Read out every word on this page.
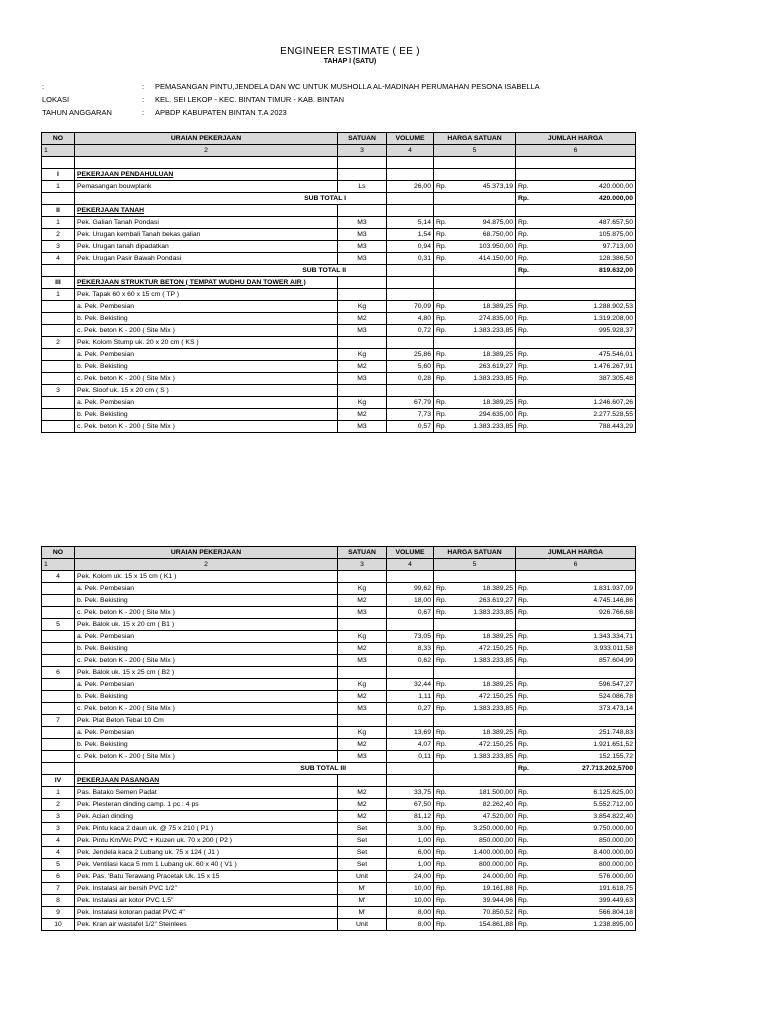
ENGINEER ESTIMATE ( EE )
TAHAP I (SATU)
:	: PEMASANGAN PINTU,JENDELA DAN WC UNTUK MUSHOLLA AL-MADINAH PERUMAHAN PESONA ISABELLA
LOKASI	: KEL. SEI LEKOP - KEC. BINTAN TIMUR - KAB. BINTAN
TAHUN ANGGARAN	: APBDP KABUPATEN BINTAN T.A 2023
NO	URAIAN PEKERJAAN	SATUAN	VOLUME	HARGA SATUAN		JUMLAH HARGA	
1	2	3	4	5		6	

I	PEKERJAAN PENDAHULUAN						
1	Pemasangan bouwplank	Ls	26,00	Rp.	45.373,19	Rp.	420.000,00
	SUB TOTAL I					Rp.	420.000,00
II	PEKERJAAN TANAH						
1	Pek. Galian Tanah Pondasi	M3	5,14	Rp.	94.875,00	Rp.	487.657,50
2	Pek. Urugan kembali Tanah bekas galian	M3	1,54	Rp.	68.750,00	Rp.	105.875,00
3	Pek. Urugan tanah dipadatkan	M3	0,94	Rp.	103.950,00	Rp.	97.713,00
4	Pek. Urugan Pasir Bawah Pondasi	M3	0,31	Rp.	414.150,00	Rp.	128.386,50
	SUB TOTAL II					Rp.	819.632,00
III	PEKERJAAN STRUKTUR BETON ( TEMPAT WUDHU DAN TOWER AIR )						
1	Pek. Tapak 60 x 60 x 15 cm ( TP )						
	a. Pek. Pembesian	Kg	70,09	Rp.	18.389,25	Rp.	1.288.902,53
	b. Pek. Bekisting	M2	4,80	Rp.	274.835,00	Rp.	1.319.208,00
	c. Pek. beton K - 200 ( Site Mix )	M3	0,72	Rp.	1.383.233,85	Rp.	995.928,37
2	Pek. Kolom Stump uk. 20 x 20 cm ( KS )						
	a. Pek. Pembesian	Kg	25,86	Rp.	18.389,25	Rp.	475.546,01
	b. Pek. Bekisting	M2	5,60	Rp.	263.619,27	Rp.	1.476.267,91
	c. Pek. beton K - 200 ( Site Mix )	M3	0,28	Rp.	1.383.233,85	Rp.	387.305,48
3	Pek. Sloof uk. 15 x 20 cm ( S )						
	a. Pek. Pembesian	Kg	67,79	Rp.	18.389,25	Rp.	1.246.607,26
	b. Pek. Bekisting	M2	7,73	Rp.	294.635,00	Rp.	2.277.528,55
	c. Pek. beton K - 200 ( Site Mix )	M3	0,57	Rp.	1.383.233,85	Rp.	788.443,29
NO	URAIAN PEKERJAAN	SATUAN	VOLUME	HARGA SATUAN		JUMLAH HARGA	
1	2	3	4	5		6	
4	Pek. Kolom uk. 15 x 15 cm ( K1 )						
	a. Pek. Pembesian	Kg	99,62	Rp.	18.389,25	Rp.	1.831.937,09
	b. Pek. Bekisting	M2	18,00	Rp.	263.619,27	Rp.	4.745.146,86
	c. Pek. beton K - 200 ( Site Mix )	M3	0,67	Rp.	1.383.233,85	Rp.	926.766,68
5	Pek. Balok uk. 15 x 20 cm ( B1 )						
	a. Pek. Pembesian	Kg	73,05	Rp.	18.389,25	Rp.	1.343.334,71
	b. Pek. Bekisting	M2	8,33	Rp.	472.150,25	Rp.	3.933.011,58
	c. Pek. beton K - 200 ( Site Mix )	M3	0,62	Rp.	1.383.233,85	Rp.	857.604,99
6	Pek. Balok uk. 15 x 25 cm ( B2 )						
	a. Pek. Pembesian	Kg	32,44	Rp.	18.389,25	Rp.	596.547,27
	b. Pek. Bekisting	M2	1,11	Rp.	472.150,25	Rp.	524.086,78
	c. Pek. beton K - 200 ( Site Mix )	M3	0,27	Rp.	1.383.233,85	Rp.	373.473,14
7	Pek. Plat Beton Tebal 10 Cm						
	a. Pek. Pembesian	Kg	13,69	Rp.	18.389,25	Rp.	251.748,83
	b. Pek. Bekisting	M2	4,07	Rp.	472.150,25	Rp.	1.921.651,52
	c. Pek. beton K - 200 ( Site Mix )	M3	0,11	Rp.	1.383.233,85	Rp.	152.155,72
	SUB TOTAL III					Rp.	27.713.202,5700
IV	PEKERJAAN PASANGAN						
1	Pas. Batako Semen Padat	M2	33,75	Rp.	181.500,00	Rp.	6.125.625,00
2	Pek. Plesteran dinding camp. 1 pc : 4 ps	M2	67,50	Rp.	82.262,40	Rp.	5.552.712,00
3	Pek. Acian dinding	M2	81,12	Rp.	47.520,00	Rp.	3.854.822,40
3	Pek. Pintu kaca 2 daun uk. @ 75 x 210 ( P1 )	Set	3,00	Rp.	3.250.000,00	Rp.	9.750.000,00
4	Pek. Pintu Km/Wc PVC + Kuzen uk. 70 x 200 ( P2 )	Set	1,00	Rp.	850.000,00	Rp.	850.000,00
4	Pek. Jendela kaca 2 Lubang uk. 75 x 124 ( J1 )	Set	6,00	Rp.	1.400.000,00	Rp.	8.400.000,00
5	Pek. Ventilasi kaca 5 mm 1 Lubang uk. 60 x 40 ( V1 )	Set	1,00	Rp.	800.000,00	Rp.	800.000,00
6	Pek. Pas. 'Batu Terawang Pracetak Uk. 15 x 15	Unit	24,00	Rp.	24.000,00	Rp.	576.000,00
7	Pek. Instalasi air bersih PVC 1/2"	M'	10,00	Rp.	19.161,88	Rp.	191.618,75
8	Pek. Instalasi air kotor PVC 1.5"	M'	10,00	Rp.	39.944,96	Rp.	399.449,63
9	Pek. Instalasi kotoran padat PVC 4"	M'	8,00	Rp.	70.850,52	Rp.	566.804,18
10	Pek. Kran air wastafel 1/2" Steinlees	Unit	8,00	Rp.	154.861,88	Rp.	1.238.895,00
